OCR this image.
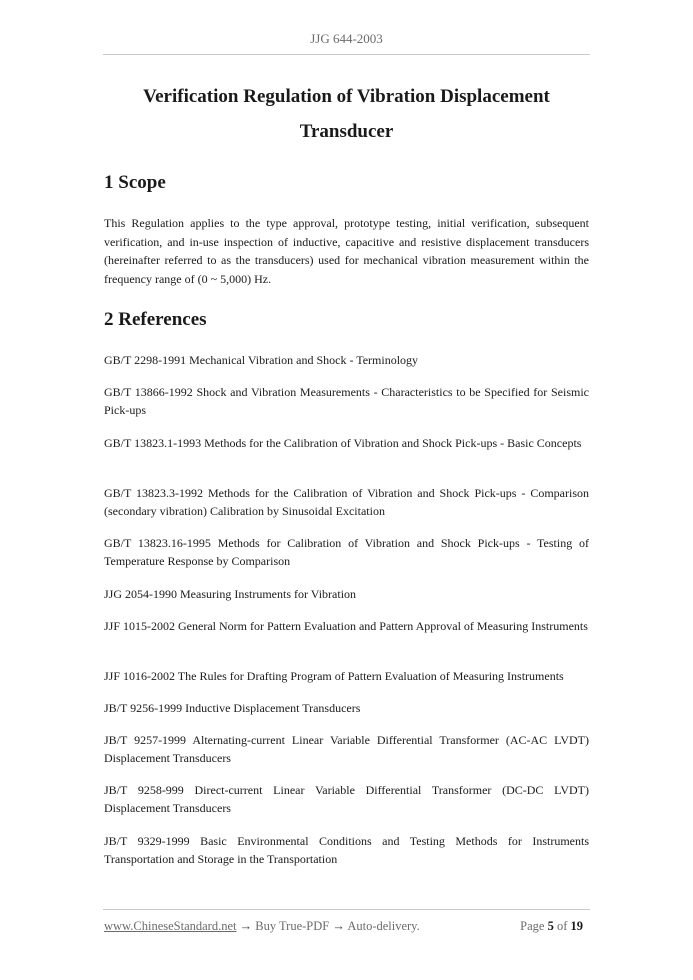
JJG 644-2003
Verification Regulation of Vibration Displacement
Transducer
1 Scope
This Regulation applies to the type approval, prototype testing, initial verification, subsequent verification, and in-use inspection of inductive, capacitive and resistive displacement transducers (hereinafter referred to as the transducers) used for mechanical vibration measurement within the frequency range of (0 ~ 5,000) Hz.
2 References
GB/T 2298-1991 Mechanical Vibration and Shock - Terminology
GB/T 13866-1992 Shock and Vibration Measurements - Characteristics to be Specified for Seismic Pick-ups
GB/T 13823.1-1993 Methods for the Calibration of Vibration and Shock Pick-ups - Basic Concepts
GB/T 13823.3-1992 Methods for the Calibration of Vibration and Shock Pick-ups - Comparison (secondary vibration) Calibration by Sinusoidal Excitation
GB/T 13823.16-1995 Methods for Calibration of Vibration and Shock Pick-ups - Testing of Temperature Response by Comparison
JJG 2054-1990 Measuring Instruments for Vibration
JJF 1015-2002 General Norm for Pattern Evaluation and Pattern Approval of Measuring Instruments
JJF 1016-2002 The Rules for Drafting Program of Pattern Evaluation of Measuring Instruments
JB/T 9256-1999 Inductive Displacement Transducers
JB/T 9257-1999 Alternating-current Linear Variable Differential Transformer (AC-AC LVDT) Displacement Transducers
JB/T 9258-999 Direct-current Linear Variable Differential Transformer (DC-DC LVDT) Displacement Transducers
JB/T 9329-1999 Basic Environmental Conditions and Testing Methods for Instruments Transportation and Storage in the Transportation
www.ChineseStandard.net → Buy True-PDF → Auto-delivery.	Page 5 of 19
